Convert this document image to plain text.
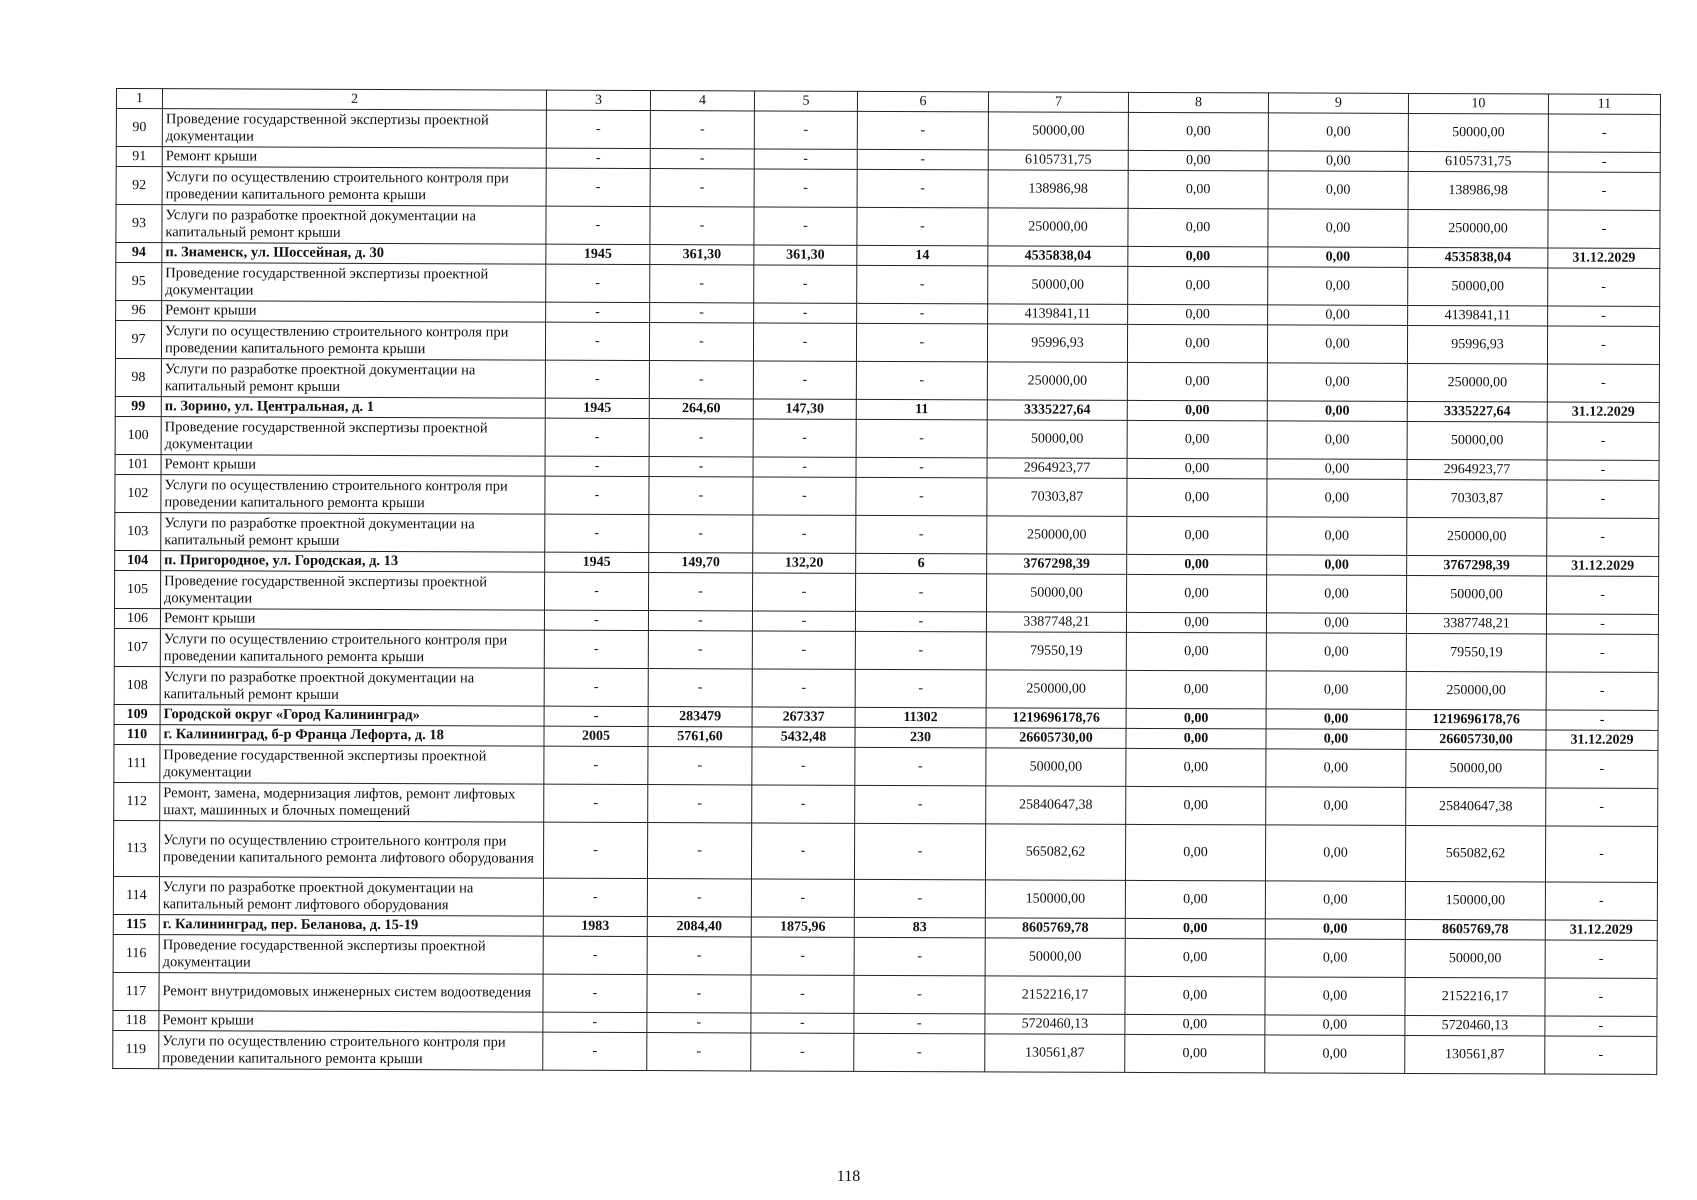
1	2	3	4	5	6	7	8	9	10	11
90	Проведение государственной экспертизы проектной документации	-	-	-	-	50000,00	0,00	0,00	50000,00	-
91	Ремонт крыши	-	-	-	-	6105731,75	0,00	0,00	6105731,75	-
92	Услуги по осуществлению строительного контроля при проведении капитального ремонта крыши	-	-	-	-	138986,98	0,00	0,00	138986,98	-
93	Услуги по разработке проектной документации на капитальный ремонт крыши	-	-	-	-	250000,00	0,00	0,00	250000,00	-
94	п. Знаменск, ул. Шоссейная, д. 30	1945	361,30	361,30	14	4535838,04	0,00	0,00	4535838,04	31.12.2029
95	Проведение государственной экспертизы проектной документации	-	-	-	-	50000,00	0,00	0,00	50000,00	-
96	Ремонт крыши	-	-	-	-	4139841,11	0,00	0,00	4139841,11	-
97	Услуги по осуществлению строительного контроля при проведении капитального ремонта крыши	-	-	-	-	95996,93	0,00	0,00	95996,93	-
98	Услуги по разработке проектной документации на капитальный ремонт крыши	-	-	-	-	250000,00	0,00	0,00	250000,00	-
99	п. Зорино, ул. Центральная, д. 1	1945	264,60	147,30	11	3335227,64	0,00	0,00	3335227,64	31.12.2029
100	Проведение государственной экспертизы проектной документации	-	-	-	-	50000,00	0,00	0,00	50000,00	-
101	Ремонт крыши	-	-	-	-	2964923,77	0,00	0,00	2964923,77	-
102	Услуги по осуществлению строительного контроля при проведении капитального ремонта крыши	-	-	-	-	70303,87	0,00	0,00	70303,87	-
103	Услуги по разработке проектной документации на капитальный ремонт крыши	-	-	-	-	250000,00	0,00	0,00	250000,00	-
104	п. Пригородное, ул. Городская, д. 13	1945	149,70	132,20	6	3767298,39	0,00	0,00	3767298,39	31.12.2029
105	Проведение государственной экспертизы проектной документации	-	-	-	-	50000,00	0,00	0,00	50000,00	-
106	Ремонт крыши	-	-	-	-	3387748,21	0,00	0,00	3387748,21	-
107	Услуги по осуществлению строительного контроля при проведении капитального ремонта крыши	-	-	-	-	79550,19	0,00	0,00	79550,19	-
108	Услуги по разработке проектной документации на капитальный ремонт крыши	-	-	-	-	250000,00	0,00	0,00	250000,00	-
109	Городской округ «Город Калининград»	-	283479	267337	11302	1219696178,76	0,00	0,00	1219696178,76	-
110	г. Калининград, б-р Франца Лефорта, д. 18	2005	5761,60	5432,48	230	26605730,00	0,00	0,00	26605730,00	31.12.2029
111	Проведение государственной экспертизы проектной документации	-	-	-	-	50000,00	0,00	0,00	50000,00	-
112	Ремонт, замена, модернизация лифтов, ремонт лифтовых шахт, машинных и блочных помещений	-	-	-	-	25840647,38	0,00	0,00	25840647,38	-
113	Услуги по осуществлению строительного контроля при проведении капитального ремонта лифтового оборудования	-	-	-	-	565082,62	0,00	0,00	565082,62	-
114	Услуги по разработке проектной документации на капитальный ремонт лифтового оборудования	-	-	-	-	150000,00	0,00	0,00	150000,00	-
115	г. Калининград, пер. Беланова, д. 15-19	1983	2084,40	1875,96	83	8605769,78	0,00	0,00	8605769,78	31.12.2029
116	Проведение государственной экспертизы проектной документации	-	-	-	-	50000,00	0,00	0,00	50000,00	-
117	Ремонт внутридомовых инженерных систем водоотведения	-	-	-	-	2152216,17	0,00	0,00	2152216,17	-
118	Ремонт крыши	-	-	-	-	5720460,13	0,00	0,00	5720460,13	-
119	Услуги по осуществлению строительного контроля при проведении капитального ремонта крыши	-	-	-	-	130561,87	0,00	0,00	130561,87	-
118
